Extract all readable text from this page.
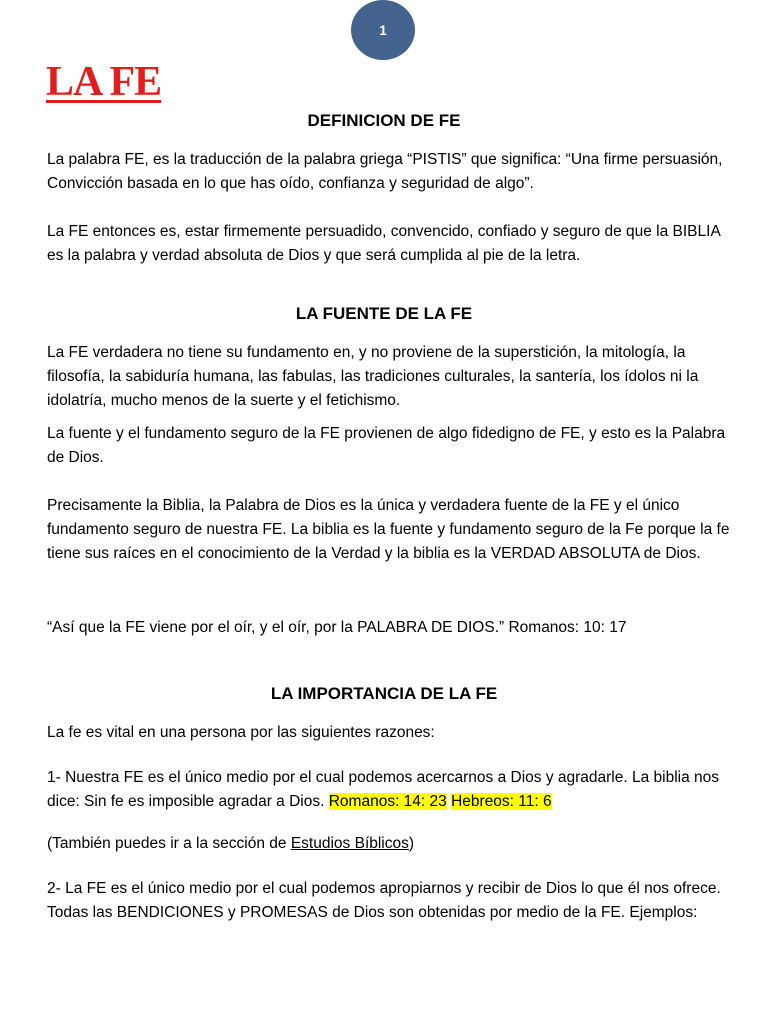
1
LA FE
DEFINICION DE FE

La palabra FE, es la traducción de la palabra griega “PISTIS” que significa: “Una firme persuasión, Convicción basada en lo que has oído, confianza y seguridad de algo”.

La FE entonces es, estar firmemente persuadido, convencido, confiado y seguro de que la BIBLIA es la palabra y verdad absoluta de Dios y que será cumplida al pie de la letra.

LA FUENTE DE LA FE

La FE verdadera no tiene su fundamento en, y no proviene de la superstición, la mitología, la filosofía, la sabiduría humana, las fabulas, las tradiciones culturales, la santería, los ídolos ni la idolatría, mucho menos de la suerte y el fetichismo.

La fuente y el fundamento seguro de la FE provienen de algo fidedigno de FE, y esto es la Palabra de Dios.

Precisamente la Biblia, la Palabra de Dios es la única y verdadera fuente de la FE y el único fundamento seguro de nuestra FE. La biblia es la fuente y fundamento seguro de la Fe porque la fe tiene sus raíces en el conocimiento de la Verdad y la biblia es la VERDAD ABSOLUTA de Dios.

“Así que la FE viene por el oír, y el oír, por la PALABRA DE DIOS.” Romanos: 10: 17

LA IMPORTANCIA DE LA FE

La fe es vital en una persona por las siguientes razones:

1- Nuestra FE es el único medio por el cual podemos acercarnos a Dios y agradarle. La biblia nos dice: Sin fe es imposible agradar a Dios. Romanos: 14: 23 Hebreos: 11: 6

(También puedes ir a la sección de Estudios Bíblicos)

2- La FE es el único medio por el cual podemos apropiarnos y recibir de Dios lo que él nos ofrece. Todas las BENDICIONES y PROMESAS de Dios son obtenidas por medio de la FE. Ejemplos:
